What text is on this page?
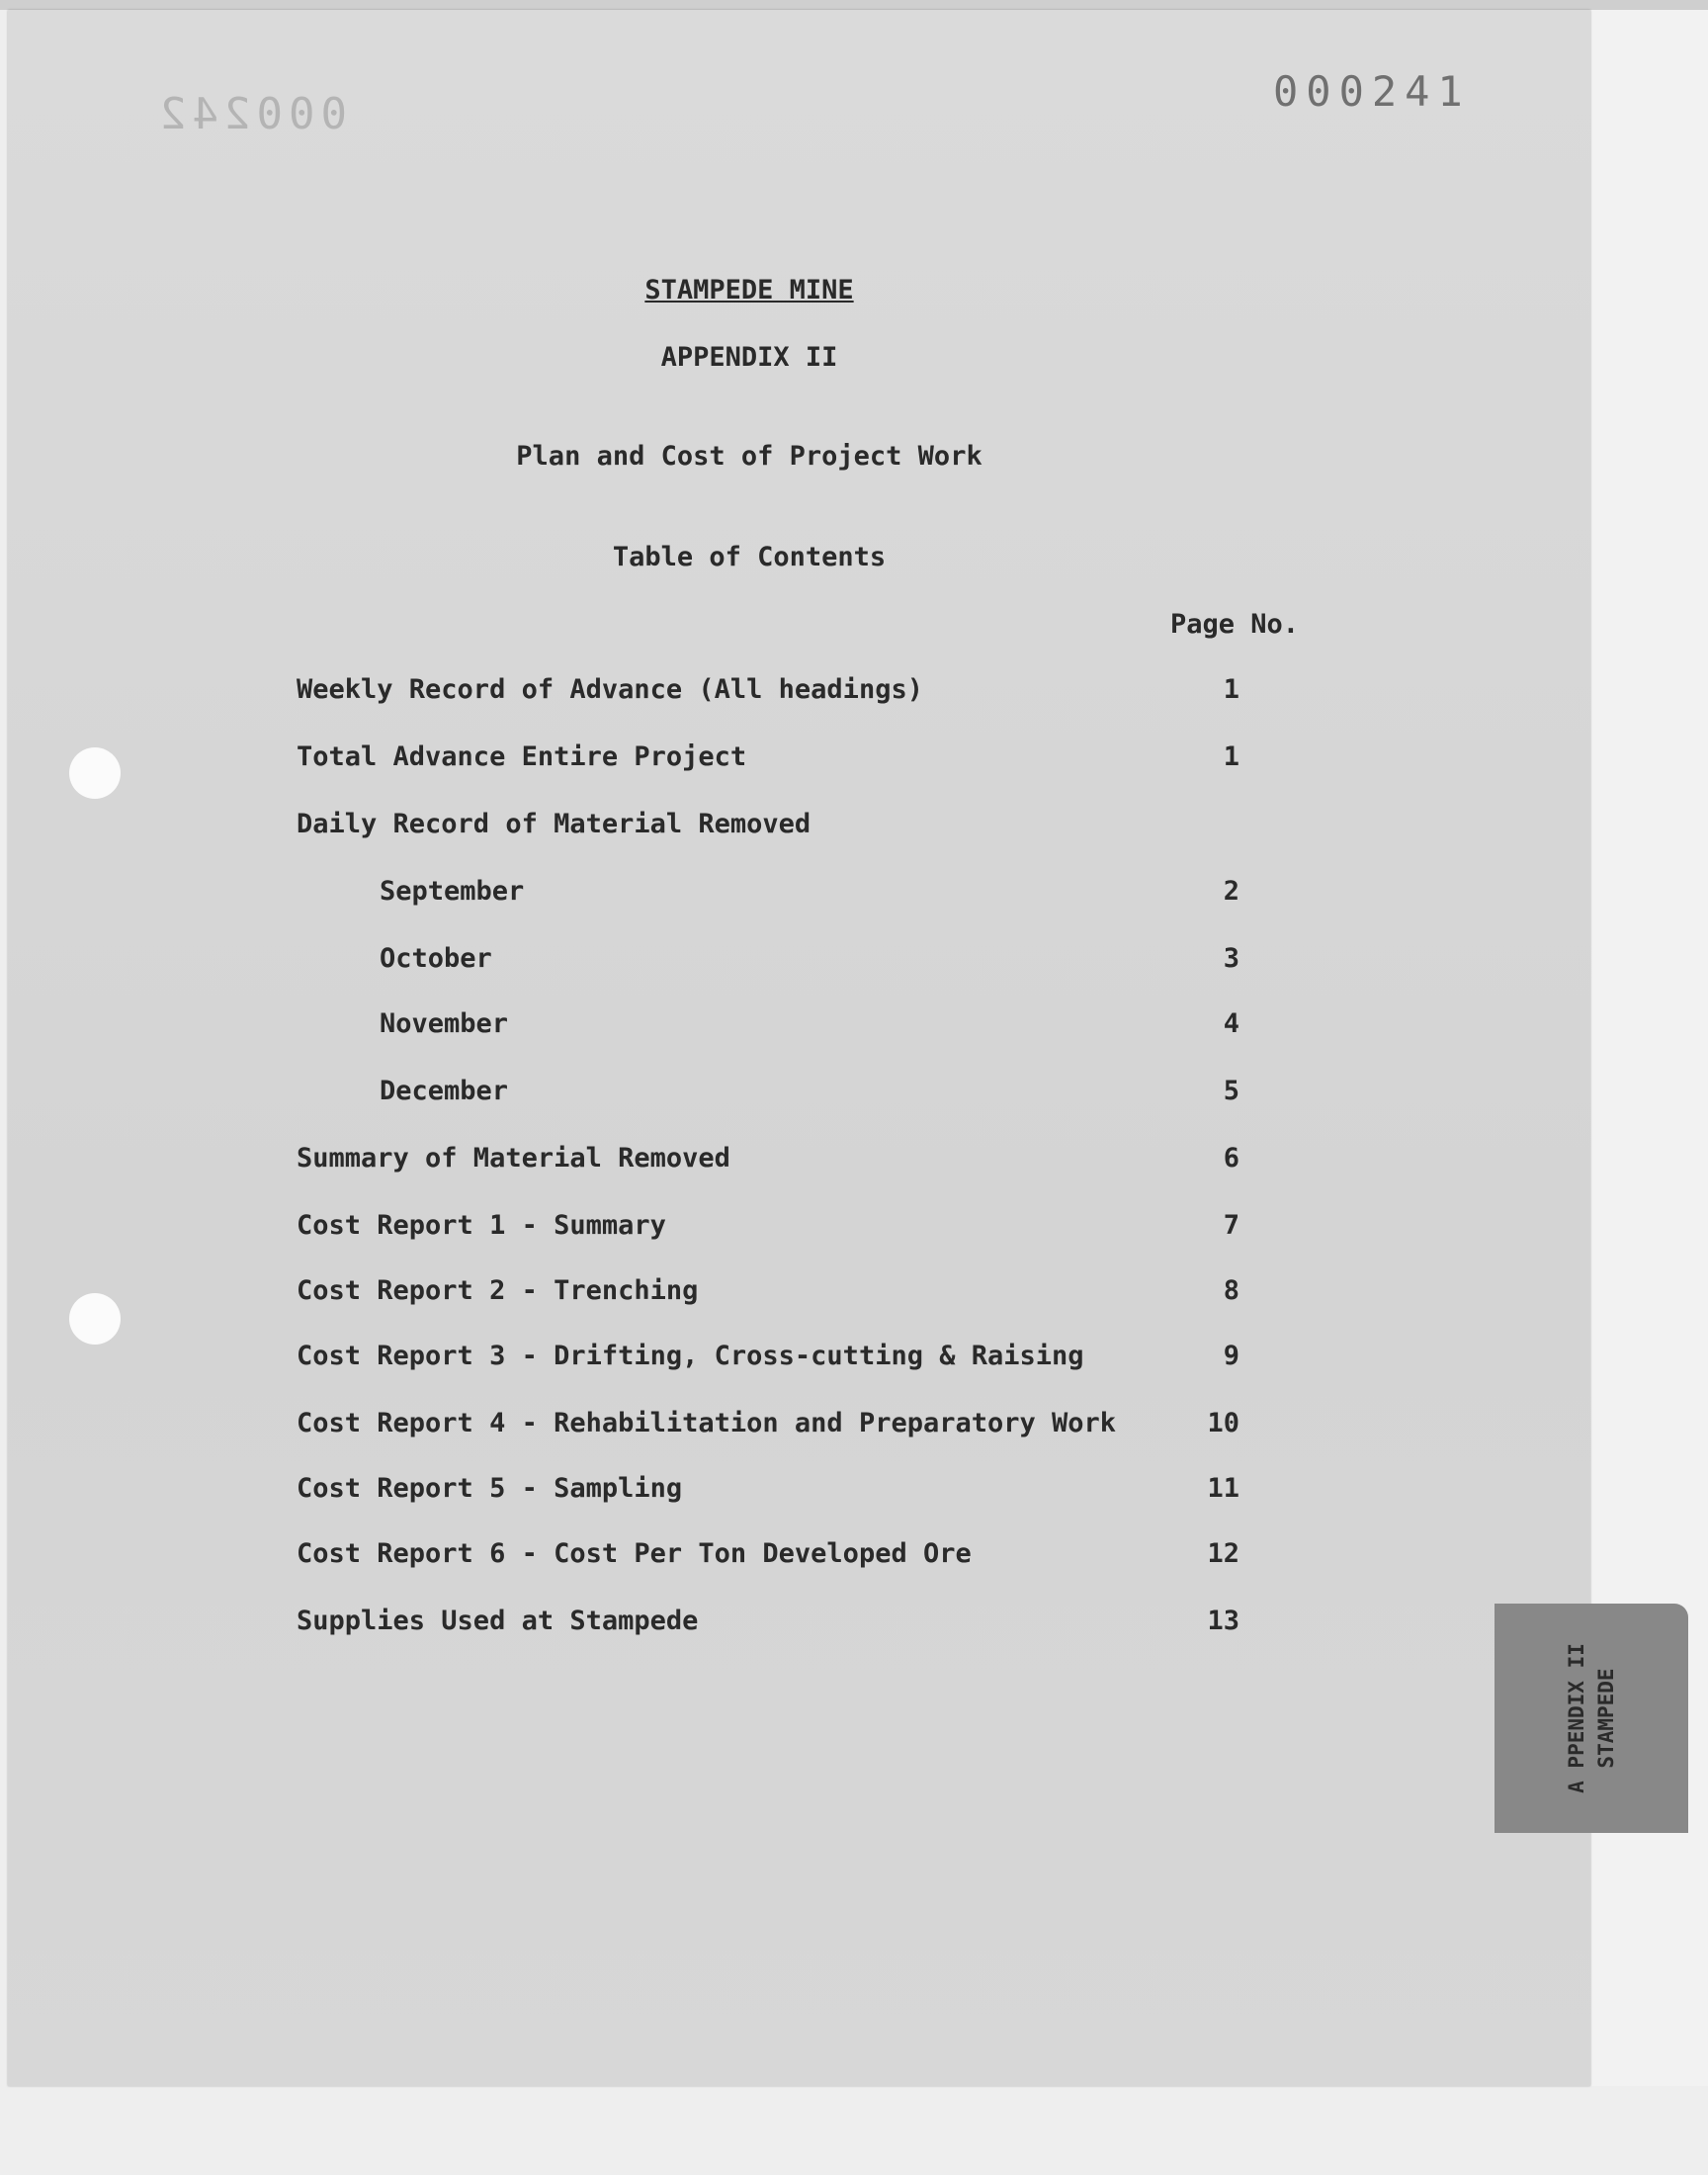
000242	000241
STAMPEDE MINE
APPENDIX II
Plan and Cost of Project Work
Table of Contents
Page No.
Weekly Record of Advance (All headings)	1
Total Advance Entire Project	1
Daily Record of Material Removed
September	2
October	3
November	4
December	5
Summary of Material Removed	6
Cost Report 1 - Summary	7
Cost Report 2 - Trenching	8
Cost Report 3 - Drifting, Cross-cutting & Raising	9
Cost Report 4 - Rehabilitation and Preparatory Work	10
Cost Report 5 - Sampling	11
Cost Report 6 - Cost Per Ton Developed Ore	12
Supplies Used at Stampede	13
A PPENDIX II STAMPEDE
